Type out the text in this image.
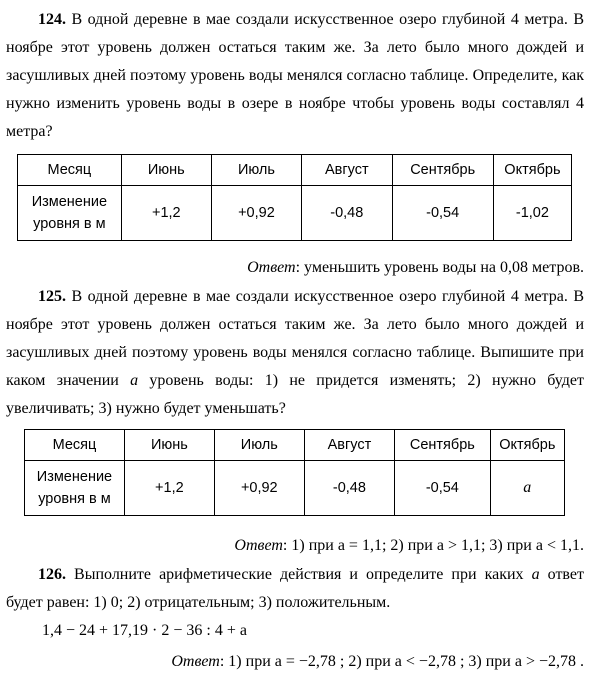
124. В одной деревне в мае создали искусственное озеро глубиной 4 метра. В ноябре этот уровень должен остаться таким же. За лето было много дождей и засушливых дней поэтому уровень воды менялся согласно таблице. Определите, как нужно изменить уровень воды в озере в ноябре чтобы уровень воды составлял 4 метра?
Месяц	Июнь	Июль	Август	Сентябрь	Октябрь
Изменение уровня в м	+1,2	+0,92	-0,48	-0,54	-1,02
Ответ: уменьшить уровень воды на 0,08 метров.
125. В одной деревне в мае создали искусственное озеро глубиной 4 метра. В ноябре этот уровень должен остаться таким же. За лето было много дождей и засушливых дней поэтому уровень воды менялся согласно таблице. Выпишите при каком значении a уровень воды: 1) не придется изменять; 2) нужно будет увеличивать; 3) нужно будет уменьшать?
Месяц	Июнь	Июль	Август	Сентябрь	Октябрь
Изменение уровня в м	+1,2	+0,92	-0,48	-0,54	a
Ответ: 1) при a = 1,1; 2) при a > 1,1; 3) при a < 1,1.
126. Выполните арифметические действия и определите при каких a ответ будет равен: 1) 0; 2) отрицательным; 3) положительным.
1,4 − 24 + 17,19 · 2 − 36 : 4 + a
Ответ: 1) при a = −2,78 ; 2) при a < −2,78 ; 3) при a > −2,78 .
